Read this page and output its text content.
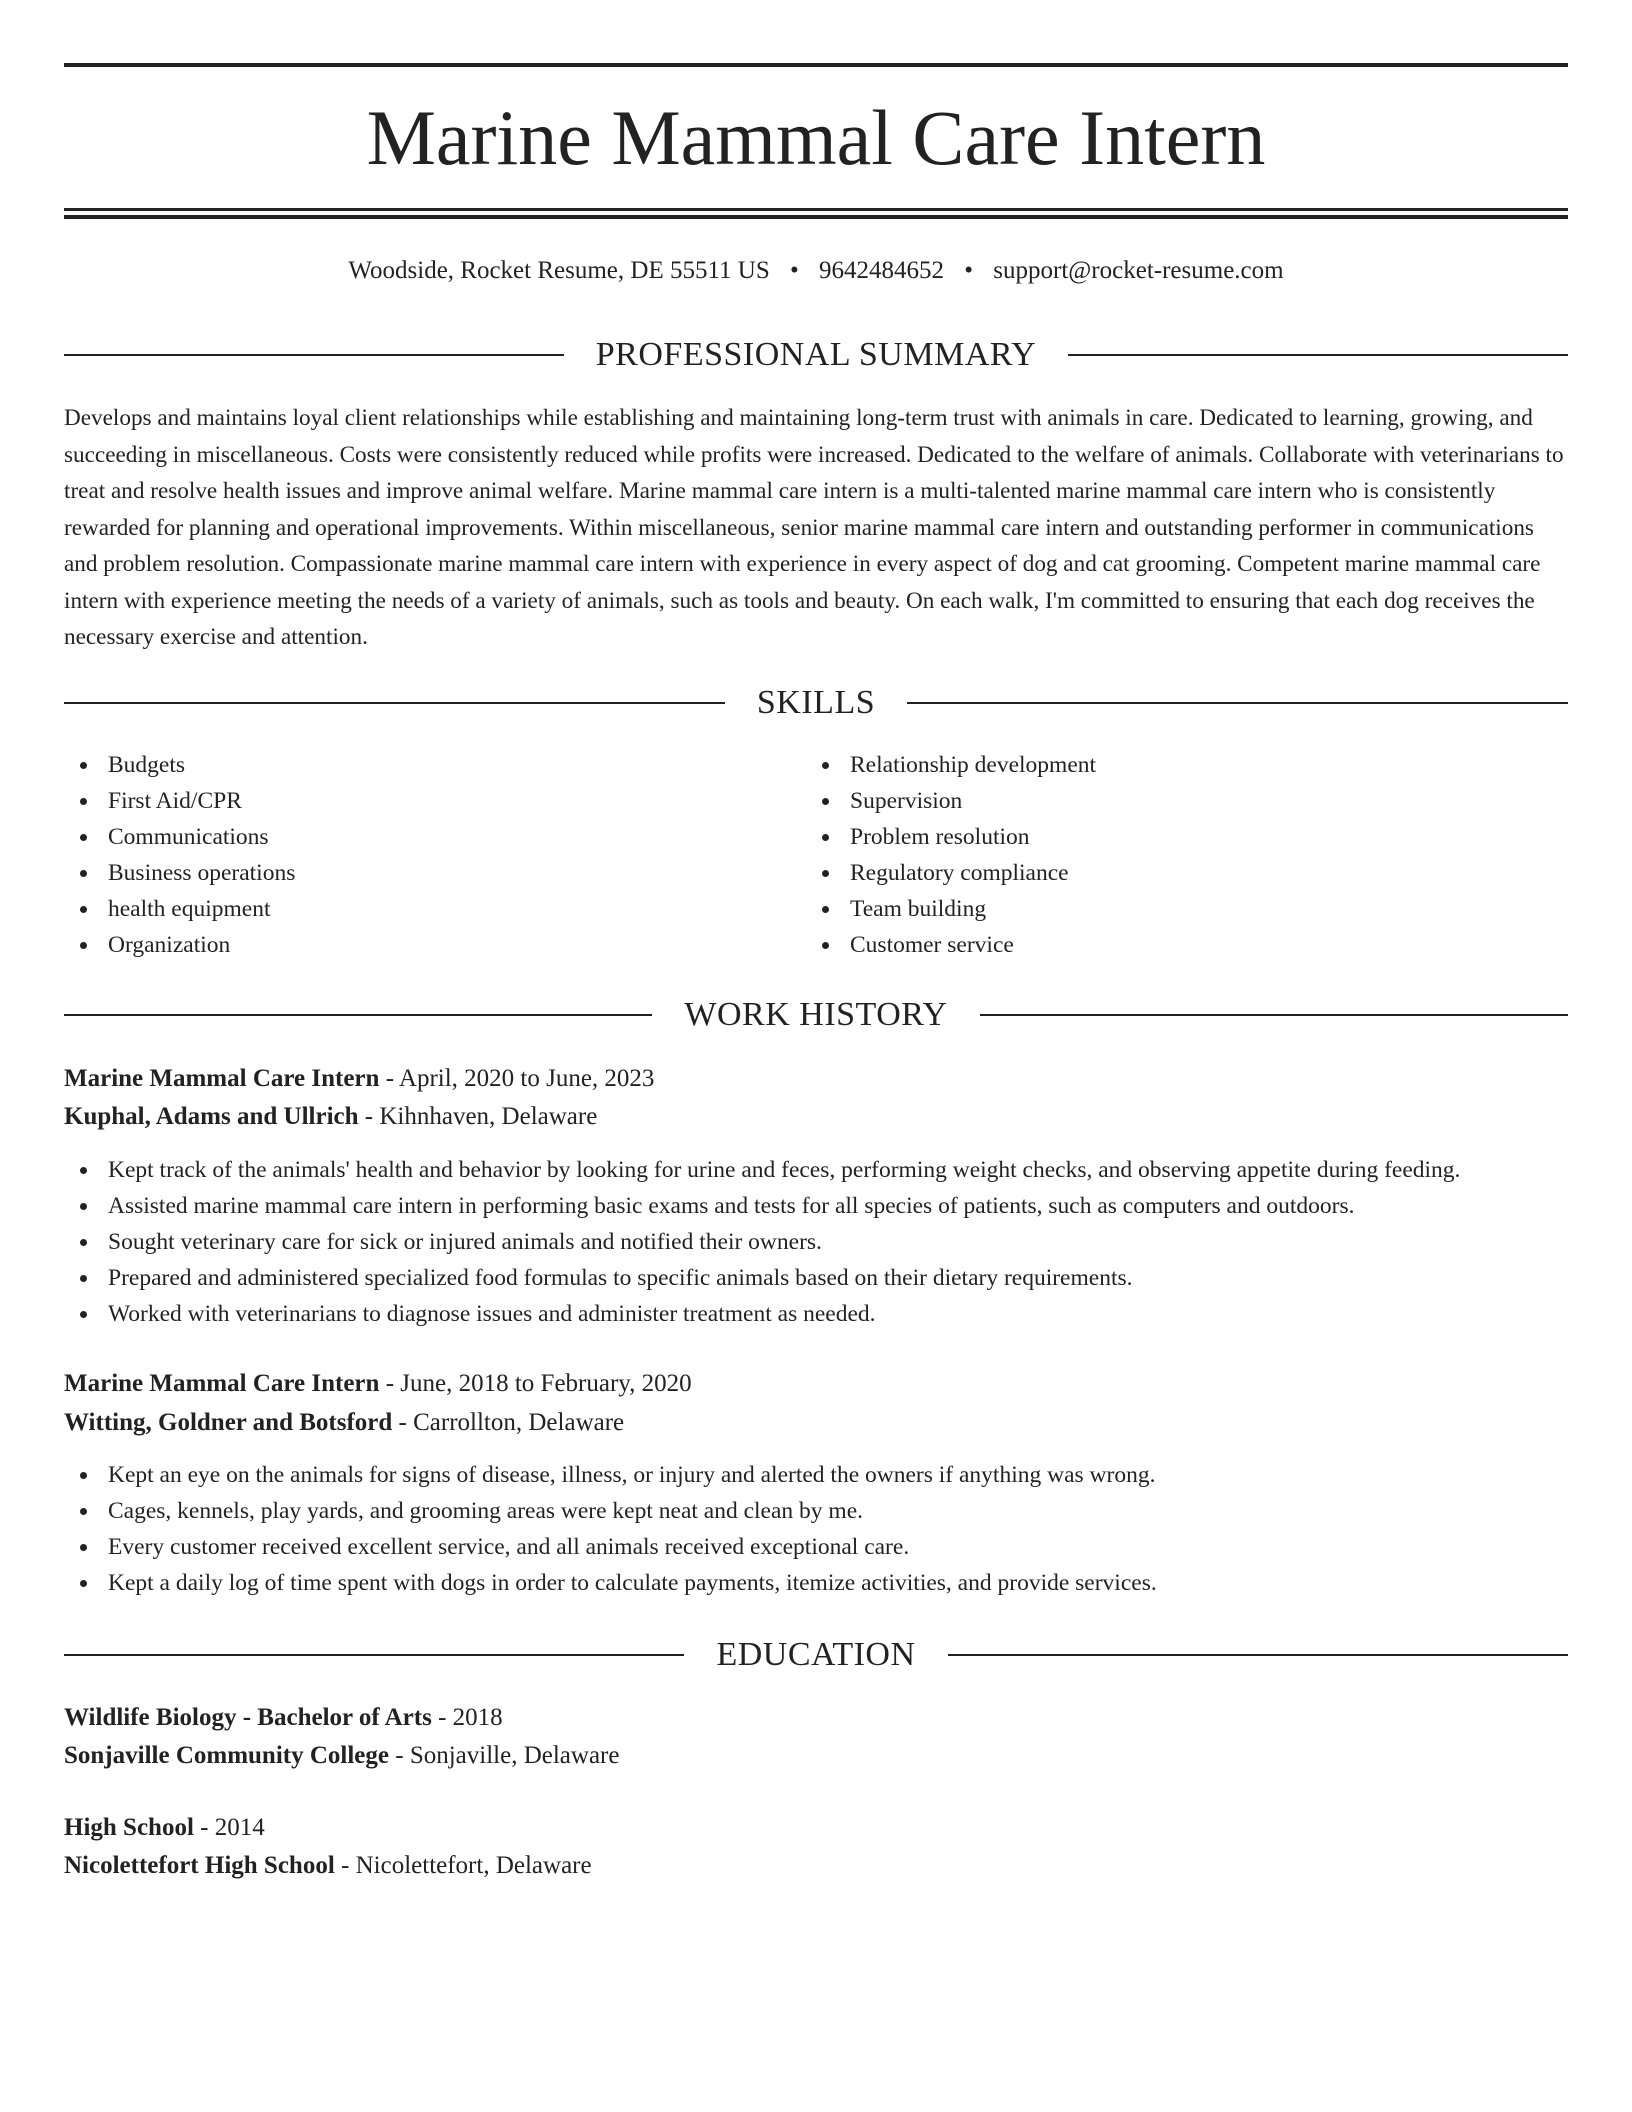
Marine Mammal Care Intern
Woodside, Rocket Resume, DE 55511 US • 9642484652 • support@rocket-resume.com
PROFESSIONAL SUMMARY

Develops and maintains loyal client relationships while establishing and maintaining long-term trust with animals in care. Dedicated to learning, growing, and succeeding in miscellaneous. Costs were consistently reduced while profits were increased. Dedicated to the welfare of animals. Collaborate with veterinarians to treat and resolve health issues and improve animal welfare. Marine mammal care intern is a multi-talented marine mammal care intern who is consistently rewarded for planning and operational improvements. Within miscellaneous, senior marine mammal care intern and outstanding performer in communications and problem resolution. Compassionate marine mammal care intern with experience in every aspect of dog and cat grooming. Competent marine mammal care intern with experience meeting the needs of a variety of animals, such as tools and beauty. On each walk, I'm committed to ensuring that each dog receives the necessary exercise and attention.

SKILLS
Budgets
First Aid/CPR
Communications
Business operations
health equipment
Organization
Relationship development
Supervision
Problem resolution
Regulatory compliance
Team building
Customer service
WORK HISTORY
Marine Mammal Care Intern - April, 2020 to June, 2023
Kuphal, Adams and Ullrich - Kihnhaven, Delaware
Kept track of the animals' health and behavior by looking for urine and feces, performing weight checks, and observing appetite during feeding.
Assisted marine mammal care intern in performing basic exams and tests for all species of patients, such as computers and outdoors.
Sought veterinary care for sick or injured animals and notified their owners.
Prepared and administered specialized food formulas to specific animals based on their dietary requirements.
Worked with veterinarians to diagnose issues and administer treatment as needed.
Marine Mammal Care Intern - June, 2018 to February, 2020
Witting, Goldner and Botsford - Carrollton, Delaware
Kept an eye on the animals for signs of disease, illness, or injury and alerted the owners if anything was wrong.
Cages, kennels, play yards, and grooming areas were kept neat and clean by me.
Every customer received excellent service, and all animals received exceptional care.
Kept a daily log of time spent with dogs in order to calculate payments, itemize activities, and provide services.
EDUCATION
Wildlife Biology - Bachelor of Arts - 2018
Sonjaville Community College - Sonjaville, Delaware
High School - 2014
Nicolettefort High School - Nicolettefort, Delaware
